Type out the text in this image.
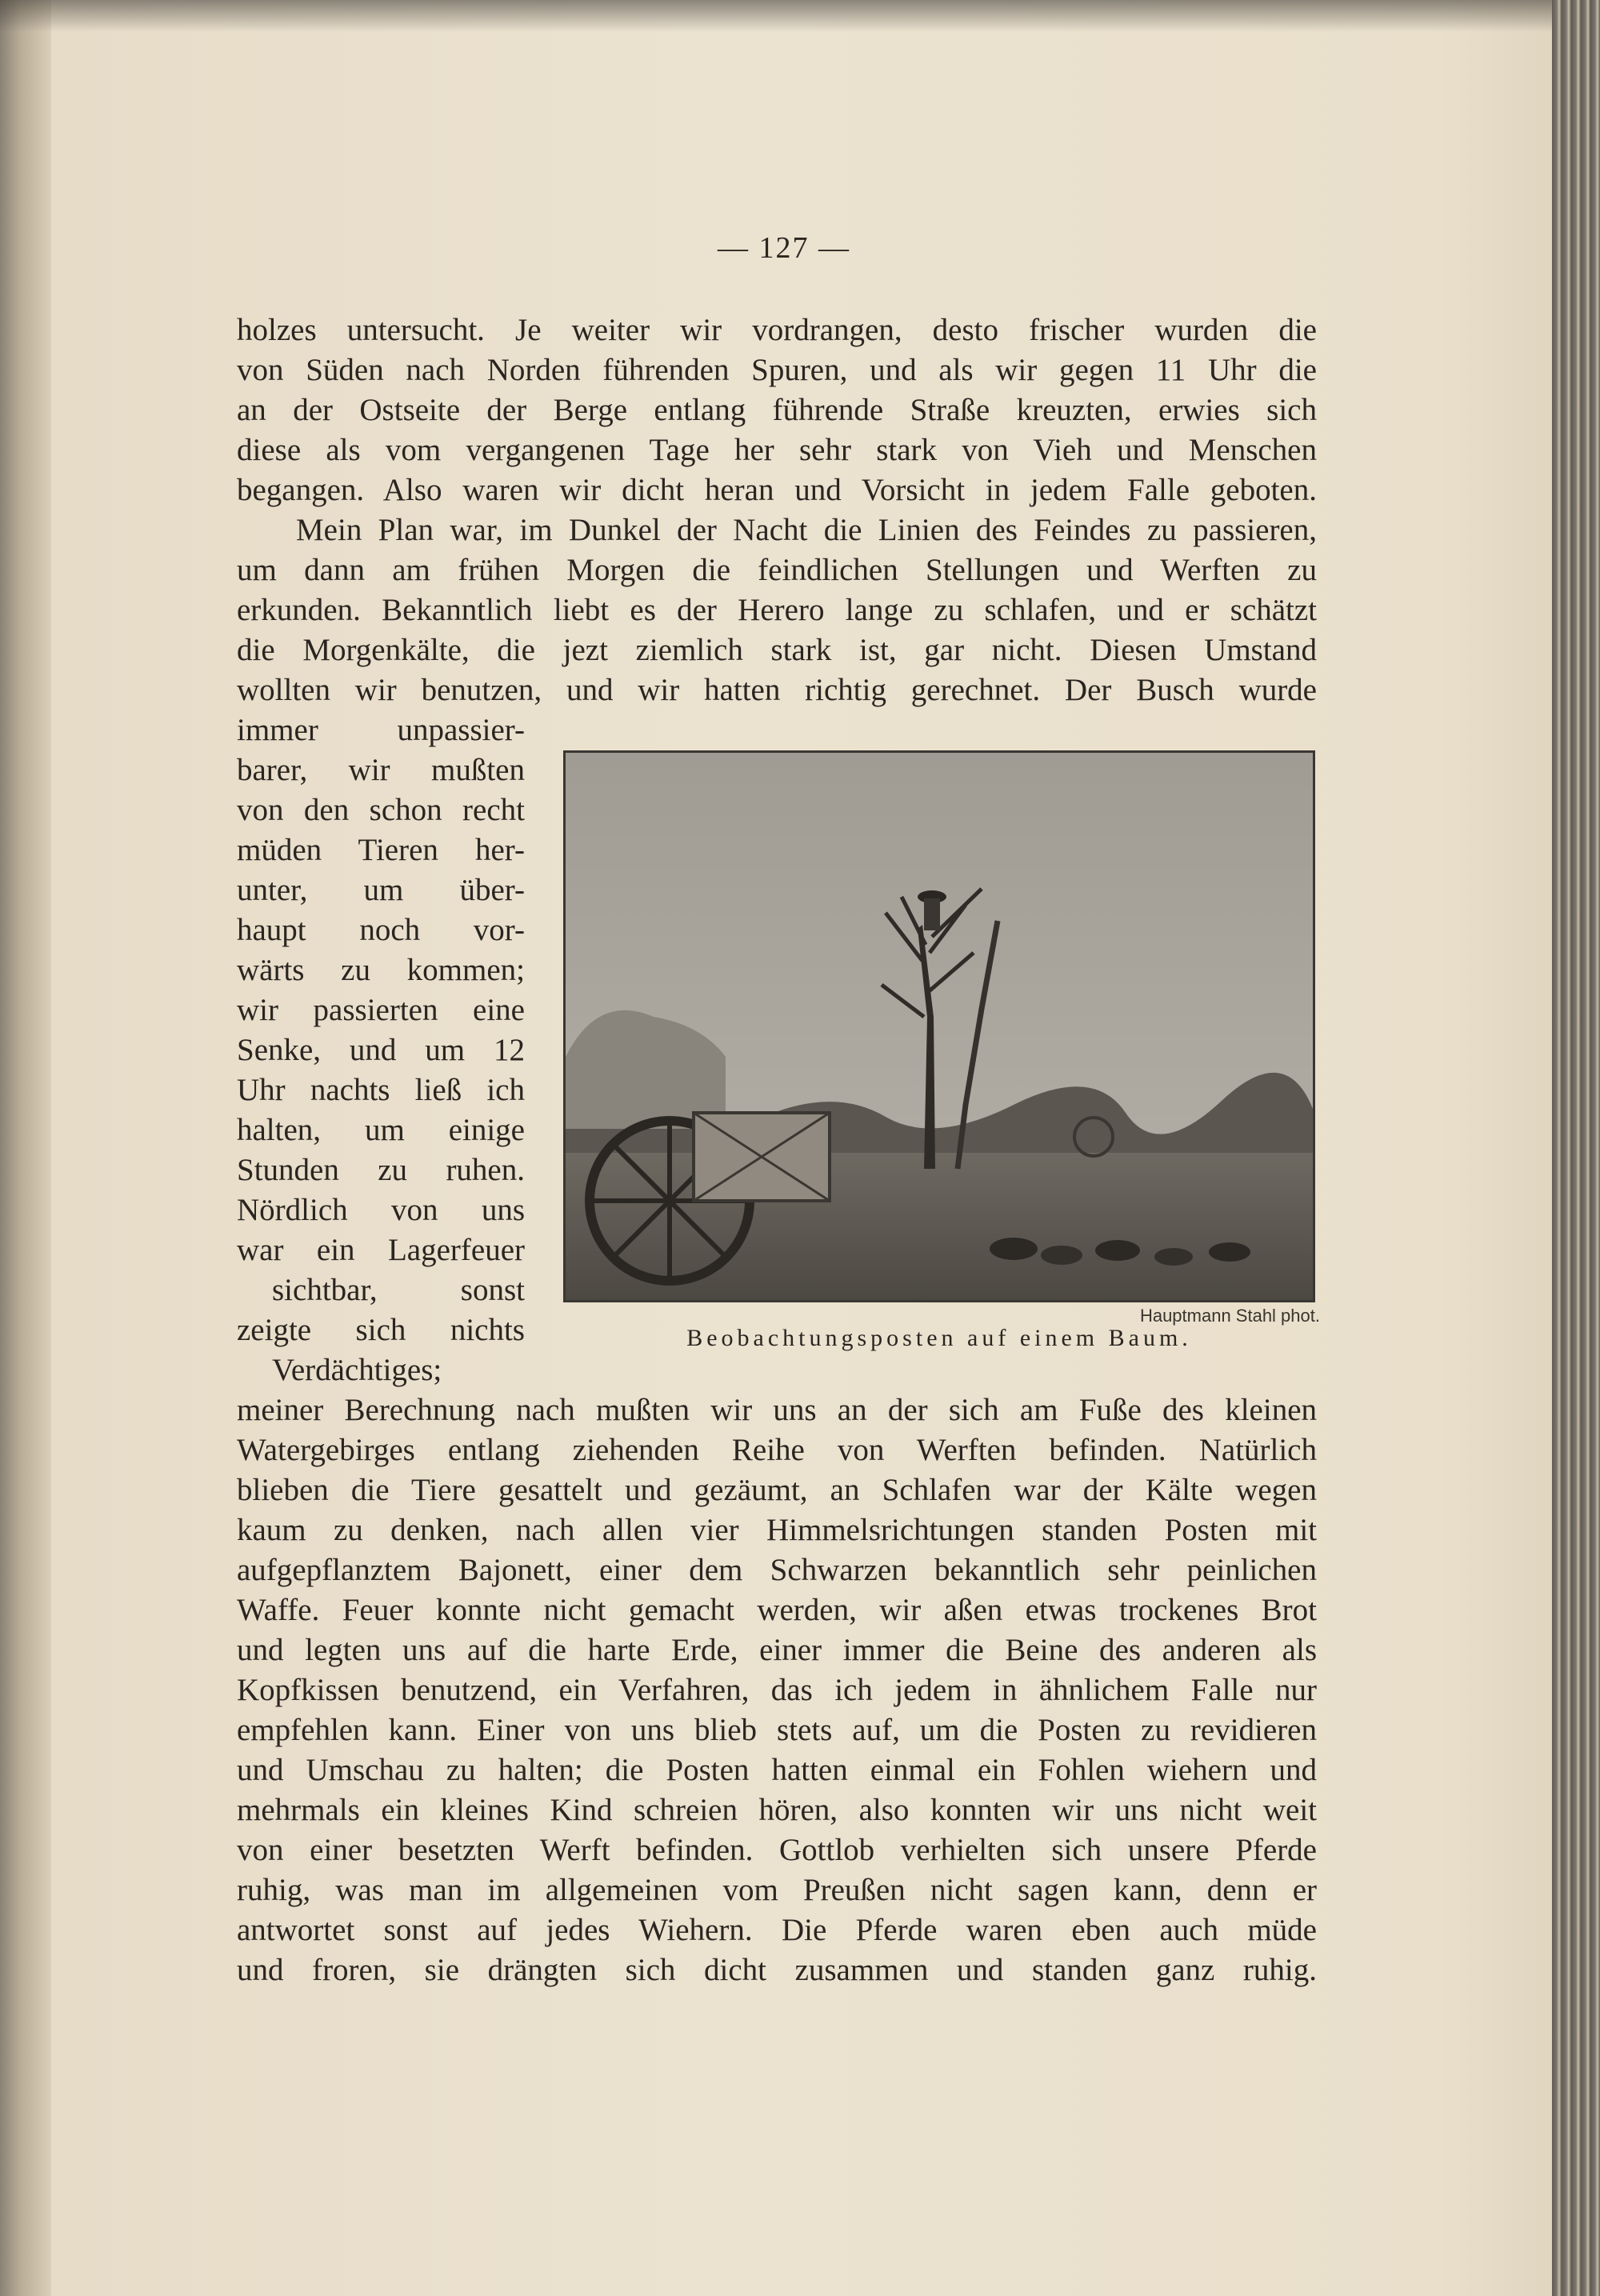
— 127 —
holzes untersucht. Je weiter wir vordrangen, desto frischer wurden die
von Süden nach Norden führenden Spuren, und als wir gegen 11 Uhr die
an der Ostseite der Berge entlang führende Straße kreuzten, erwies sich
diese als vom vergangenen Tage her sehr stark von Vieh und Menschen
begangen. Also waren wir dicht heran und Vorsicht in jedem Falle geboten.
Mein Plan war, im Dunkel der Nacht die Linien des Feindes zu passieren,
um dann am frühen Morgen die feindlichen Stellungen und Werften zu
erkunden. Bekanntlich liebt es der Herero lange zu schlafen, und er schätzt
die Morgenkälte, die jezt ziemlich stark ist, gar nicht. Diesen Umstand
wollten wir benutzen, und wir hatten richtig gerechnet. Der Busch wurde
immer unpassier-
barer, wir mußten
von den schon recht
müden Tieren her-
unter, um über-
haupt noch vor-
wärts zu kommen;
wir passierten eine
Senke, und um 12
Uhr nachts ließ ich
halten, um einige
Stunden zu ruhen.
Nördlich von uns
war ein Lagerfeuer
sichtbar, sonst
zeigte sich nichts
Verdächtiges;
Hauptmann Stahl phot.
Beobachtungsposten auf einem Baum.
meiner Berechnung nach mußten wir uns an der sich am Fuße des kleinen
Watergebirges entlang ziehenden Reihe von Werften befinden. Natürlich
blieben die Tiere gesattelt und gezäumt, an Schlafen war der Kälte wegen
kaum zu denken, nach allen vier Himmelsrichtungen standen Posten mit
aufgepflanztem Bajonett, einer dem Schwarzen bekanntlich sehr peinlichen
Waffe. Feuer konnte nicht gemacht werden, wir aßen etwas trockenes Brot
und legten uns auf die harte Erde, einer immer die Beine des anderen als
Kopfkissen benutzend, ein Verfahren, das ich jedem in ähnlichem Falle nur
empfehlen kann. Einer von uns blieb stets auf, um die Posten zu revidieren
und Umschau zu halten; die Posten hatten einmal ein Fohlen wiehern und
mehrmals ein kleines Kind schreien hören, also konnten wir uns nicht weit
von einer besetzten Werft befinden. Gottlob verhielten sich unsere Pferde
ruhig, was man im allgemeinen vom Preußen nicht sagen kann, denn er
antwortet sonst auf jedes Wiehern. Die Pferde waren eben auch müde
und froren, sie drängten sich dicht zusammen und standen ganz ruhig.
